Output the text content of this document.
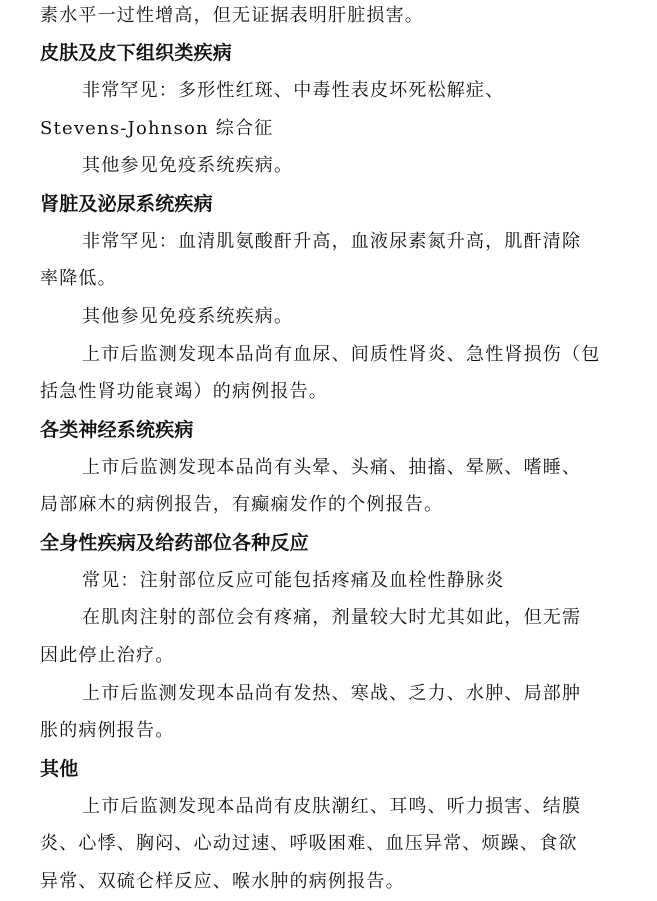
素水平一过性增高，但无证据表明肝脏损害。
皮肤及皮下组织类疾病
非常罕见：多形性红斑、中毒性表皮坏死松解症、
Stevens-Johnson 综合征
其他参见免疫系统疾病。
肾脏及泌尿系统疾病
非常罕见：血清肌氨酸酐升高，血液尿素氮升高，肌酐清除
率降低。
其他参见免疫系统疾病。
上市后监测发现本品尚有血尿、间质性肾炎、急性肾损伤（包
括急性肾功能衰竭）的病例报告。
各类神经系统疾病
上市后监测发现本品尚有头晕、头痛、抽搐、晕厥、嗜睡、
局部麻木的病例报告，有癫痫发作的个例报告。
全身性疾病及给药部位各种反应
常见：注射部位反应可能包括疼痛及血栓性静脉炎
在肌肉注射的部位会有疼痛，剂量较大时尤其如此，但无需
因此停止治疗。
上市后监测发现本品尚有发热、寒战、乏力、水肿、局部肿
胀的病例报告。
其他
上市后监测发现本品尚有皮肤潮红、耳鸣、听力损害、结膜
炎、心悸、胸闷、心动过速、呼吸困难、血压异常、烦躁、食欲
异常、双硫仑样反应、喉水肿的病例报告。
